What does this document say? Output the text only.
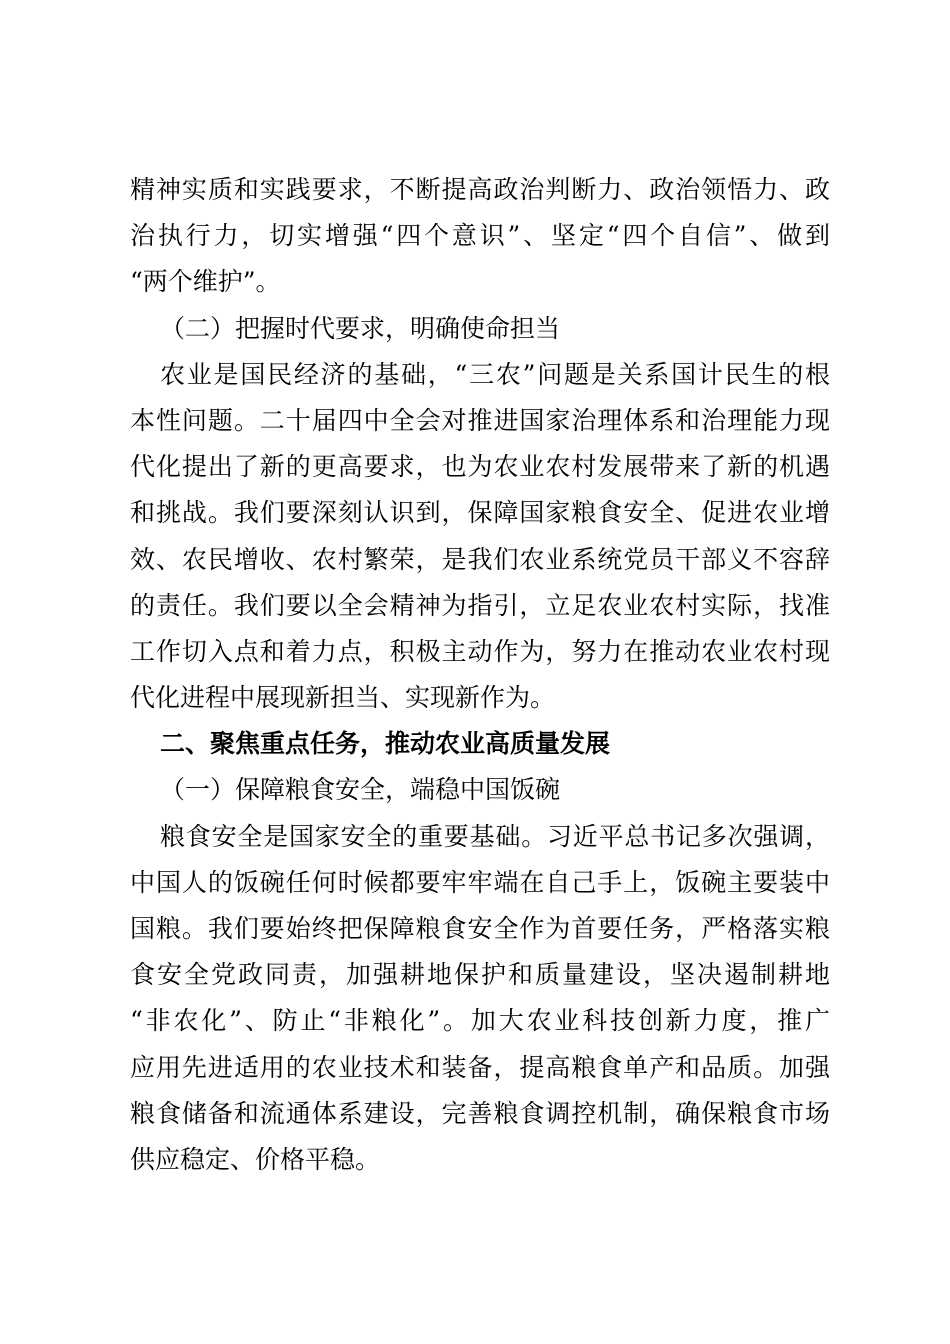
精神实质和实践要求，不断提高政治判断力、政治领悟力、政
治执行力，切实增强“四个意识”、坚定“四个自信”、做到
“两个维护”。
（二）把握时代要求，明确使命担当
农业是国民经济的基础，“三农”问题是关系国计民生的根
本性问题。二十届四中全会对推进国家治理体系和治理能力现
代化提出了新的更高要求，也为农业农村发展带来了新的机遇
和挑战。我们要深刻认识到，保障国家粮食安全、促进农业增
效、农民增收、农村繁荣，是我们农业系统党员干部义不容辞
的责任。我们要以全会精神为指引，立足农业农村实际，找准
工作切入点和着力点，积极主动作为，努力在推动农业农村现
代化进程中展现新担当、实现新作为。
二、聚焦重点任务，推动农业高质量发展
（一）保障粮食安全，端稳中国饭碗
粮食安全是国家安全的重要基础。习近平总书记多次强调，
中国人的饭碗任何时候都要牢牢端在自己手上，饭碗主要装中
国粮。我们要始终把保障粮食安全作为首要任务，严格落实粮
食安全党政同责，加强耕地保护和质量建设，坚决遏制耕地
“非农化”、防止“非粮化”。加大农业科技创新力度，推广
应用先进适用的农业技术和装备，提高粮食单产和品质。加强
粮食储备和流通体系建设，完善粮食调控机制，确保粮食市场
供应稳定、价格平稳。
